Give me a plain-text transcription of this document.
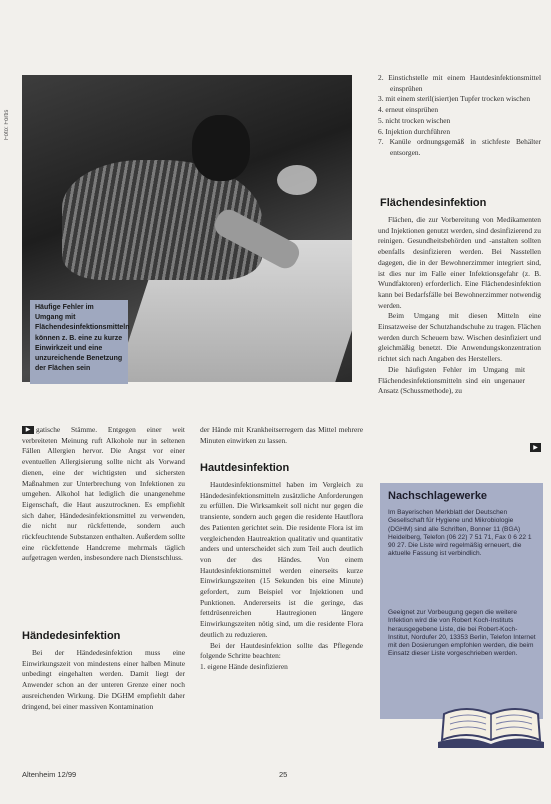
Foto: Fortis
Häufige Fehler im Umgang mit Flächendesinfektionsmitteln können z. B. eine zu kurze Einwirkzeit und eine unzureichende Benetzung der Flächen sein
2. Einstichstelle mit einem Hautdesinfektionsmittel einsprühen
3. mit einem steril(isiert)en Tupfer trocken wischen
4. erneut einsprühen
5. nicht trocken wischen
6. Injektion durchführen
7. Kanüle ordnungsgemäß in stichfeste Behälter entsorgen.
Flächendesinfektion

Flächen, die zur Vorbereitung von Medikamenten und Injektionen genutzt werden, sind desinfizierend zu reinigen. Gesundheitsbehörden und -anstalten sollten ebenfalls desinfizieren werden. Bei Nasstellen dagegen, die in der Bewohnerzimmer integriert sind, ist dies nur im Falle einer Infektionsgefahr (z. B. Wundfaktoren) erforderlich. Eine Flächendesinfektion kann bei Bedarfsfälle bei Bewohnerzimmer notwendig werden.

Beim Umgang mit diesen Mitteln eine Einsatzweise der Schutzhandschuhe zu tragen. Flächen werden durch Scheuern bzw. Wischen desinfiziert und gleichmäßig benetzt. Die Anwendungskonzentration richtet sich nach Angaben des Herstellers.

Die häufigsten Fehler im Umgang mit Flächendesinfektionsmitteln sind ein ungenauer Ansatz (Schussmethode), zu

▶

▶ gatische Stämme. Entgegen einer weit verbreiteten Meinung ruft Alkohole nur in seltenen Fällen Allergien hervor. Die Angst vor einer eventuellen Allergisierung sollte nicht als Vorwand dienen, eine der wichtigsten und sichersten Maßnahmen zur Unterbrechung von Infektionen zu umgehen. Alkohol hat lediglich die unangenehme Eigenschaft, die Haut auszutrocknen. Es empfiehlt sich daher, Händedesinfektionsmittel zu verwenden, die nicht nur rückfettende, sondern auch rückfeuchtende Substanzen enthalten. Außerdem sollte eine rückfettende Handcreme mehrmals täglich aufgetragen werden, insbesondere nach Dienstschluss.

Händedesinfektion

Bei der Händedesinfektion muss eine Einwirkungszeit von mindestens einer halben Minute unbedingt eingehalten werden. Damit liegt der Anwender schon an der unteren Grenze einer noch ausreichenden Wirkung. Die DGHM empfiehlt daher dringend, bei einer massiven Kontamination

der Hände mit Krankheitserregern das Mittel mehrere Minuten einwirken zu lassen.

Hautdesinfektion

Hautdesinfektionsmittel haben im Vergleich zu Händedesinfektionsmitteln zusätzliche Anforderungen zu erfüllen. Die Wirksamkeit soll nicht nur gegen die transiente, sondern auch gegen die residente Hautflora des Patienten gerichtet sein. Die residente Flora ist im vergleichenden Hautreaktion qualitativ und quantitativ anders und unterscheidet sich zum Teil auch deutlich von der des Händes. Von einem Hautdesinfektionsmittel werden einerseits kurze Einwirkungszeiten (15 Sekunden bis eine Minute) gefordert, zum Beispiel vor Injektionen und Punktionen. Andererseits ist die geringe, das fettdrüsenreichen Hautregionen längere Einwirkungszeiten nötig sind, um die residente Flora deutlich zu reduzieren.

Bei der Hautdesinfektion sollte das Pflegende folgende Schritte beachten:

1. eigene Hände desinfizieren

Nachschlagewerke
Im Bayerischen Merkblatt der Deutschen Gesellschaft für Hygiene und Mikrobiologie (DGHM) sind alle Schriften, Bonner 11 (BGA) Heidelberg, Telefon (06 22) 7 51 71, Fax 0 6 22 1 90 27. Die Liste wird regelmäßig erneuert, die aktuelle Fassung ist verbindlich.
Geeignet zur Vorbeugung gegen die weitere Infektion wird die von Robert Koch-Instituts herausgegebene Liste, die bei Robert-Koch-Institut, Nordufer 20, 13353 Berlin, Telefon Internet mit den Dosierungen empfohlen werden, die beim Einsatz dieser Liste vorgeschrieben werden.
Altenheim 12/99	25
